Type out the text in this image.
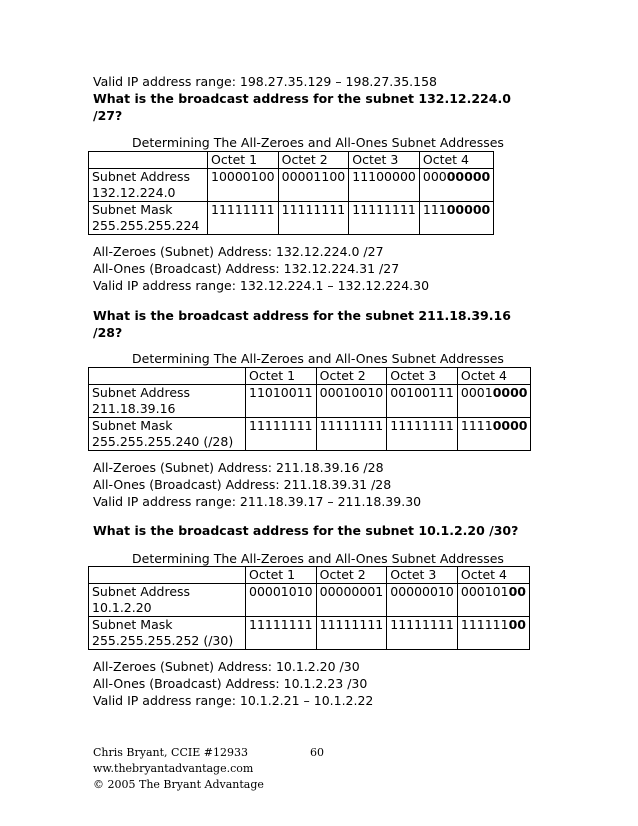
Valid IP address range: 198.27.35.129 – 198.27.35.158
What is the broadcast address for the subnet 132.12.224.0
/27?
Determining The All-Zeroes and All-Ones Subnet Addresses
	Octet 1	Octet 2	Octet 3	Octet 4
Subnet Address
132.12.224.0	10000100	00001100	11100000	00000000
Subnet Mask
255.255.255.224	11111111	11111111	11111111	11100000
All-Zeroes (Subnet) Address: 132.12.224.0 /27
All-Ones (Broadcast) Address: 132.12.224.31 /27
Valid IP address range: 132.12.224.1 – 132.12.224.30
What is the broadcast address for the subnet 211.18.39.16
/28?
Determining The All-Zeroes and All-Ones Subnet Addresses
	Octet 1	Octet 2	Octet 3	Octet 4
Subnet Address
211.18.39.16	11010011	00010010	00100111	00010000
Subnet Mask
255.255.255.240 (/28)	11111111	11111111	11111111	11110000
All-Zeroes (Subnet) Address: 211.18.39.16 /28
All-Ones (Broadcast) Address: 211.18.39.31 /28
Valid IP address range: 211.18.39.17 – 211.18.39.30
What is the broadcast address for the subnet 10.1.2.20 /30?
Determining The All-Zeroes and All-Ones Subnet Addresses
	Octet 1	Octet 2	Octet 3	Octet 4
Subnet Address
10.1.2.20	00001010	00000001	00000010	00010100
Subnet Mask
255.255.255.252 (/30)	11111111	11111111	11111111	11111100
All-Zeroes (Subnet) Address: 10.1.2.20 /30
All-Ones (Broadcast) Address: 10.1.2.23 /30
Valid IP address range: 10.1.2.21 – 10.1.2.22
Chris Bryant, CCIE #12933	60
ww.thebryantadvantage.com
© 2005 The Bryant Advantage
